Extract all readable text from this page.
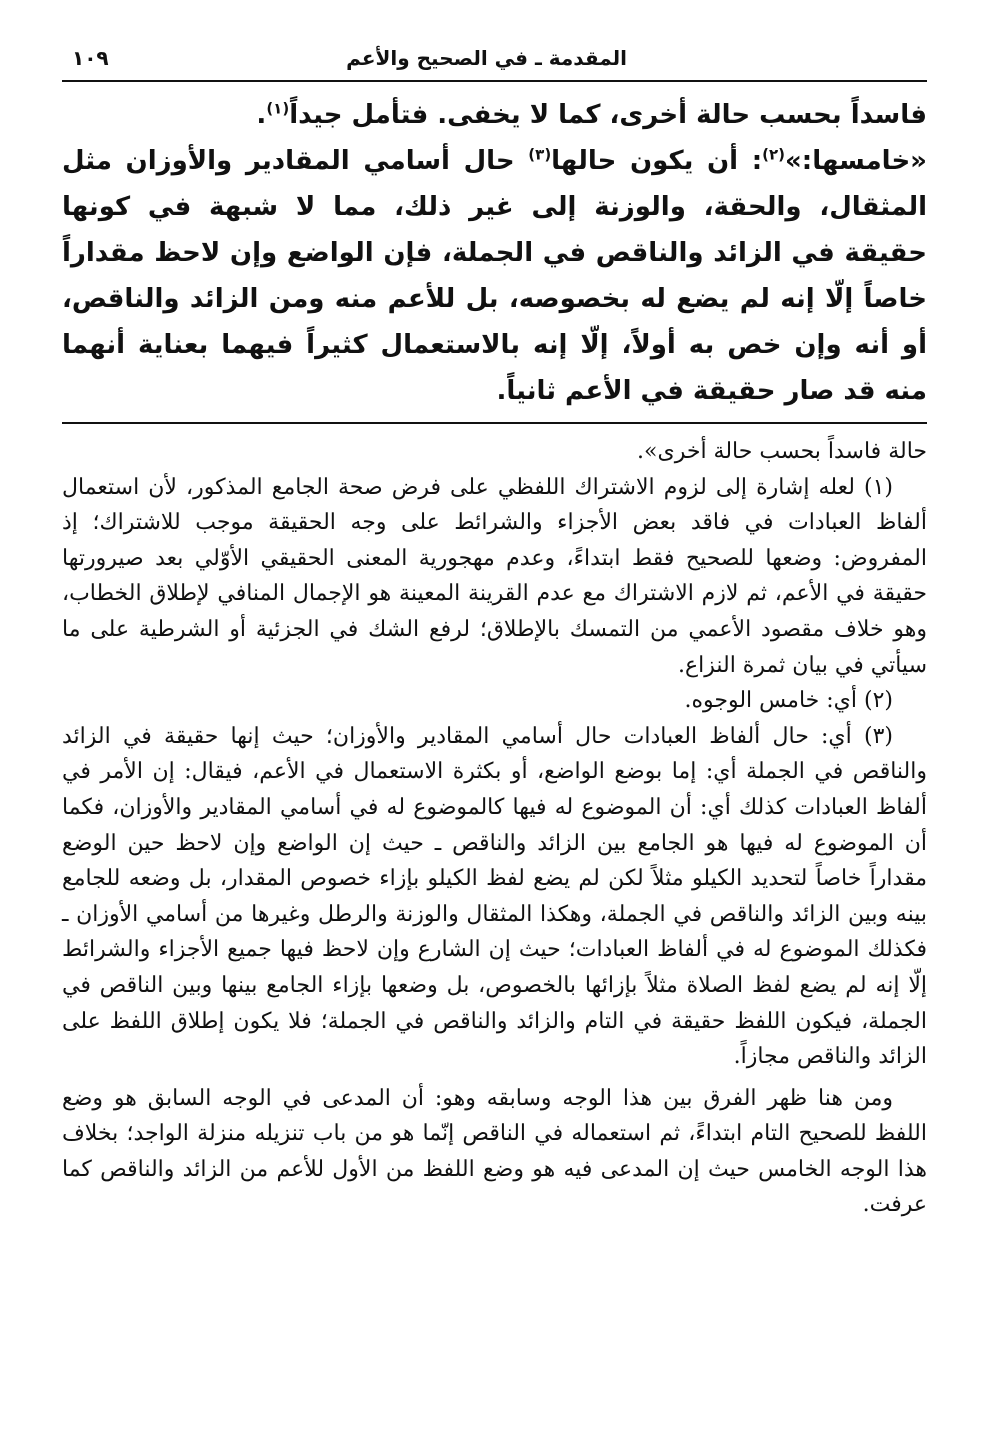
المقدمة ـ في الصحيح والأعم
١٠٩

فاسداً بحسب حالة أخرى، كما لا يخفى. فتأمل جيداً$^{(١)}$.

«خامسها:»$^{(٢)}$: أن يكون حالها$^{(٣)}$ حال أسامي المقادير والأوزان مثل المثقال، والحقة، والوزنة إلى غير ذلك، مما لا شبهة في كونها حقيقة في الزائد والناقص في الجملة، فإن الواضع وإن لاحظ مقداراً خاصاً إلّا إنه لم يضع له بخصوصه، بل للأعم منه ومن الزائد والناقص، أو أنه وإن خص به أولاً، إلّا إنه بالاستعمال كثيراً فيهما بعناية أنهما منه قد صار حقيقة في الأعم ثانياً.

حالة فاسداً بحسب حالة أخرى».

(١) لعله إشارة إلى لزوم الاشتراك اللفظي على فرض صحة الجامع المذكور، لأن استعمال ألفاظ العبادات في فاقد بعض الأجزاء والشرائط على وجه الحقيقة موجب للاشتراك؛ إذ المفروض: وضعها للصحيح فقط ابتداءً، وعدم مهجورية المعنى الحقيقي الأوّلي بعد صيرورتها حقيقة في الأعم، ثم لازم الاشتراك مع عدم القرينة المعينة هو الإجمال المنافي لإطلاق الخطاب، وهو خلاف مقصود الأعمي من التمسك بالإطلاق؛ لرفع الشك في الجزئية أو الشرطية على ما سيأتي في بيان ثمرة النزاع.

(٢) أي: خامس الوجوه.

(٣) أي: حال ألفاظ العبادات حال أسامي المقادير والأوزان؛ حيث إنها حقيقة في الزائد والناقص في الجملة أي: إما بوضع الواضع، أو بكثرة الاستعمال في الأعم، فيقال: إن الأمر في ألفاظ العبادات كذلك أي: أن الموضوع له فيها كالموضوع له في أسامي المقادير والأوزان، فكما أن الموضوع له فيها هو الجامع بين الزائد والناقص ـ حيث إن الواضع وإن لاحظ حين الوضع مقداراً خاصاً لتحديد الكيلو مثلاً لكن لم يضع لفظ الكيلو بإزاء خصوص المقدار، بل وضعه للجامع بينه وبين الزائد والناقص في الجملة، وهكذا المثقال والوزنة والرطل وغيرها من أسامي الأوزان ـ فكذلك الموضوع له في ألفاظ العبادات؛ حيث إن الشارع وإن لاحظ فيها جميع الأجزاء والشرائط إلّا إنه لم يضع لفظ الصلاة مثلاً بإزائها بالخصوص، بل وضعها بإزاء الجامع بينها وبين الناقص في الجملة، فيكون اللفظ حقيقة في التام والزائد والناقص في الجملة؛ فلا يكون إطلاق اللفظ على الزائد والناقص مجازاً.

ومن هنا ظهر الفرق بين هذا الوجه وسابقه وهو: أن المدعى في الوجه السابق هو وضع اللفظ للصحيح التام ابتداءً، ثم استعماله في الناقص إنّما هو من باب تنزيله منزلة الواجد؛ بخلاف هذا الوجه الخامس حيث إن المدعى فيه هو وضع اللفظ من الأول للأعم من الزائد والناقص كما عرفت.
